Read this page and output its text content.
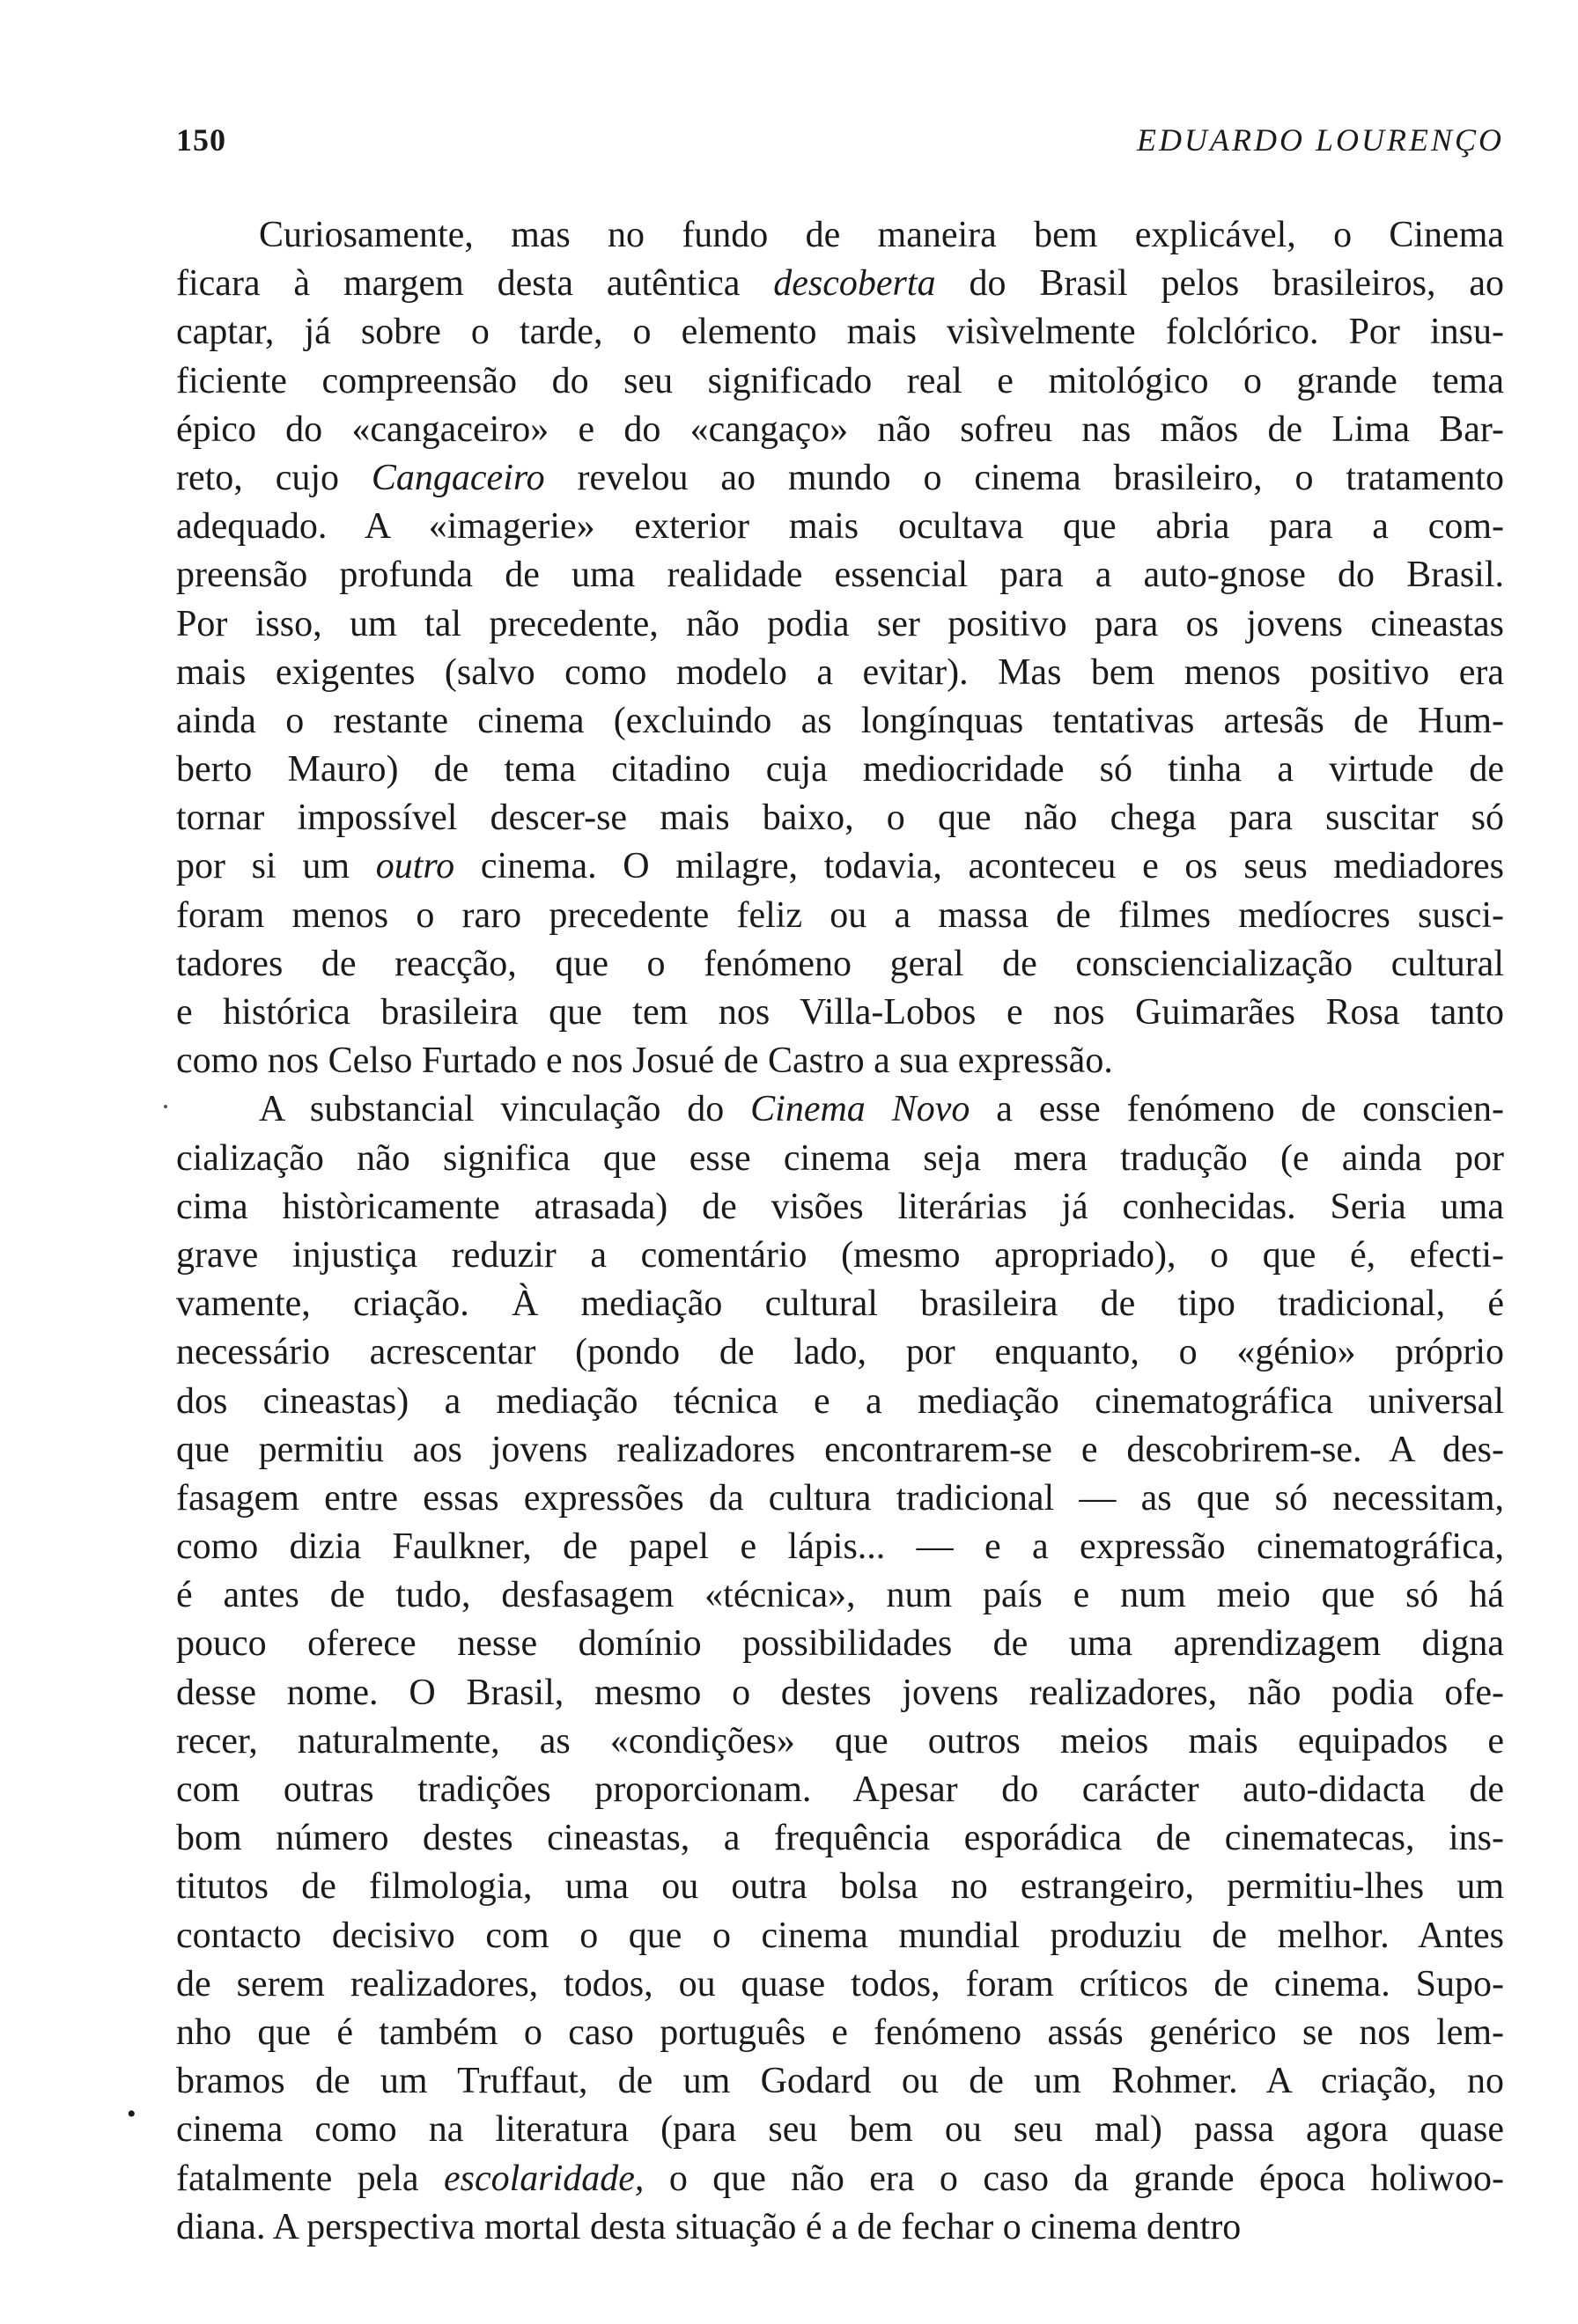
150	EDUARDO LOURENÇO
•
Curiosamente, mas no fundo de maneira bem explicável, o Cinema
ficara à margem desta autêntica descoberta do Brasil pelos brasileiros, ao
captar, já sobre o tarde, o elemento mais visìvelmente folclórico. Por insu-
ficiente compreensão do seu significado real e mitológico o grande tema
épico do «cangaceiro» e do «cangaço» não sofreu nas mãos de Lima Bar-
reto, cujo Cangaceiro revelou ao mundo o cinema brasileiro, o tratamento
adequado. A «imagerie» exterior mais ocultava que abria para a com-
preensão profunda de uma realidade essencial para a auto-gnose do Brasil.
Por isso, um tal precedente, não podia ser positivo para os jovens cineastas
mais exigentes (salvo como modelo a evitar). Mas bem menos positivo era
ainda o restante cinema (excluindo as longínquas tentativas artesãs de Hum-
berto Mauro) de tema citadino cuja mediocridade só tinha a virtude de
tornar impossível descer-se mais baixo, o que não chega para suscitar só
por si um outro cinema. O milagre, todavia, aconteceu e os seus mediadores
foram menos o raro precedente feliz ou a massa de filmes medíocres susci-
tadores de reacção, que o fenómeno geral de consciencialização cultural
e histórica brasileira que tem nos Villa-Lobos e nos Guimarães Rosa tanto
como nos Celso Furtado e nos Josué de Castro a sua expressão.
A substancial vinculação do Cinema Novo a esse fenómeno de conscien-
cialização não significa que esse cinema seja mera tradução (e ainda por
cima històricamente atrasada) de visões literárias já conhecidas. Seria uma
grave injustiça reduzir a comentário (mesmo apropriado), o que é, efecti-
vamente, criação. À mediação cultural brasileira de tipo tradicional, é
necessário acrescentar (pondo de lado, por enquanto, o «génio» próprio
dos cineastas) a mediação técnica e a mediação cinematográfica universal
que permitiu aos jovens realizadores encontrarem-se e descobrirem-se. A des-
fasagem entre essas expressões da cultura tradicional — as que só necessitam,
como dizia Faulkner, de papel e lápis... — e a expressão cinematográfica,
é antes de tudo, desfasagem «técnica», num país e num meio que só há
pouco oferece nesse domínio possibilidades de uma aprendizagem digna
desse nome. O Brasil, mesmo o destes jovens realizadores, não podia ofe-
recer, naturalmente, as «condições» que outros meios mais equipados e
com outras tradições proporcionam. Apesar do carácter auto-didacta de
bom número destes cineastas, a frequência esporádica de cinematecas, ins-
titutos de filmologia, uma ou outra bolsa no estrangeiro, permitiu-lhes um
contacto decisivo com o que o cinema mundial produziu de melhor. Antes
de serem realizadores, todos, ou quase todos, foram críticos de cinema. Supo-
nho que é também o caso português e fenómeno assás genérico se nos lem-
bramos de um Truffaut, de um Godard ou de um Rohmer. A criação, no
cinema como na literatura (para seu bem ou seu mal) passa agora quase
fatalmente pela escolaridade, o que não era o caso da grande época holiwoo-
diana. A perspectiva mortal desta situação é a de fechar o cinema dentro
